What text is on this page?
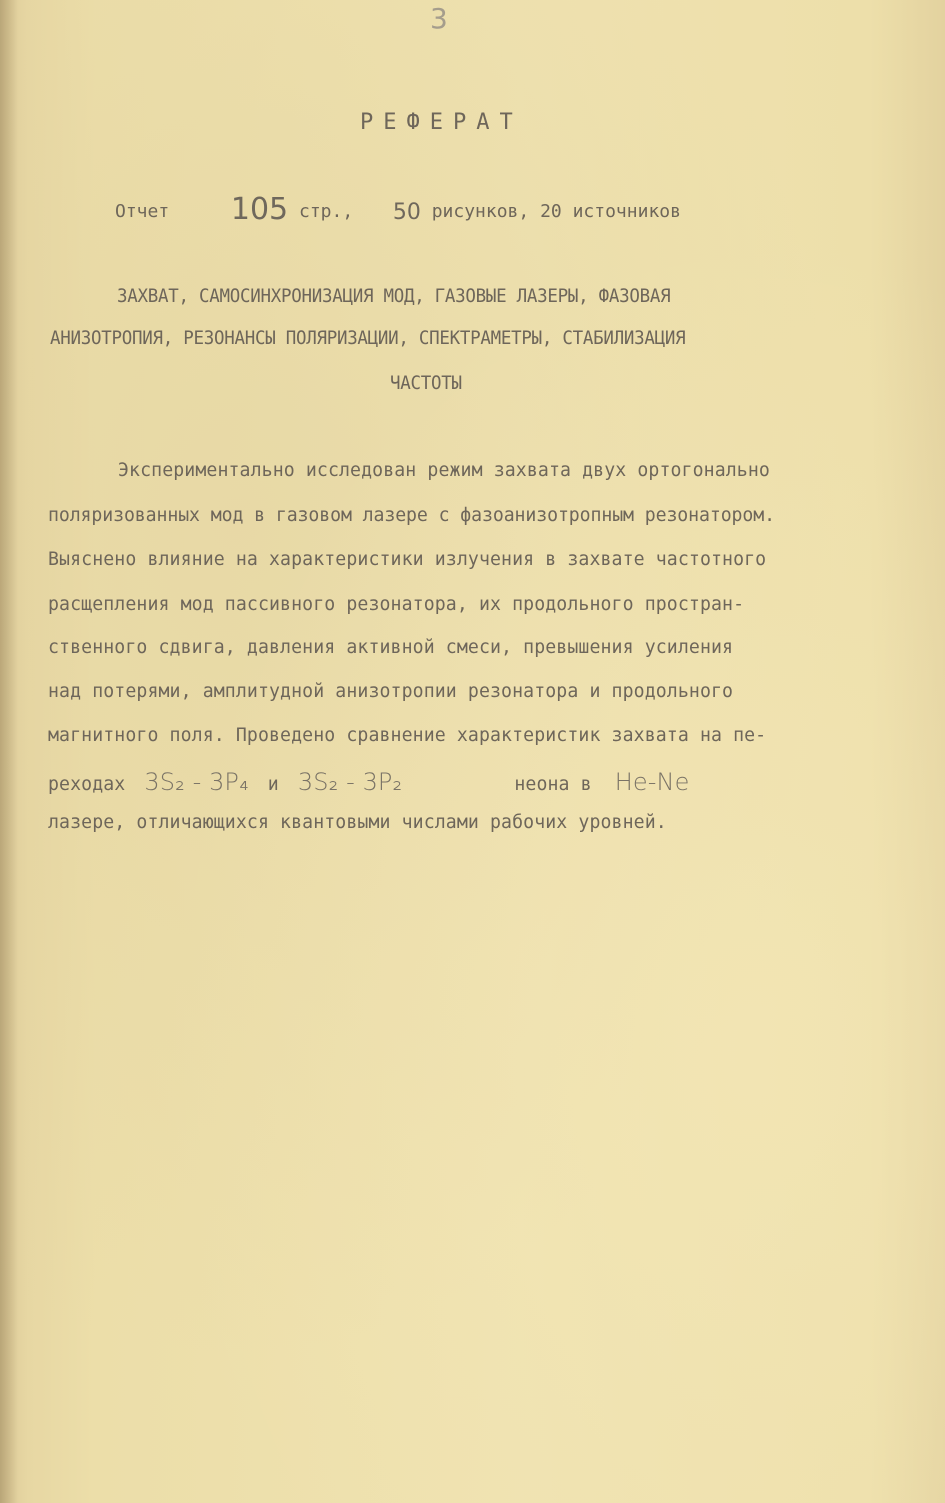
3
РЕФЕРАТ
Отчет 105 стр., 50 рисунков, 20 источников
ЗАХВАТ, САМОСИНХРОНИЗАЦИЯ МОД, ГАЗОВЫЕ ЛАЗЕРЫ, ФАЗОВАЯ
АНИЗОТРОПИЯ, РЕЗОНАНСЫ ПОЛЯРИЗАЦИИ, СПЕКТРАМЕТРЫ, СТАБИЛИЗАЦИЯ
ЧАСТОТЫ
Экспериментально исследован режим захвата двух ортогонально
поляризованных мод в газовом лазере с фазоанизотропным резонатором.
Выяснено влияние на характеристики излучения в захвате частотного
расщепления мод пассивного резонатора, их продольного простран-
ственного сдвига, давления активной смеси, превышения усиления
над потерями, амплитудной анизотропии резонатора и продольного
магнитного поля. Проведено сравнение характеристик захвата на пе-
реходах 3S₂ - 3P₄ и 3S₂ - 3P₂	неона в He-Ne
лазере, отличающихся квантовыми числами рабочих уровней.
